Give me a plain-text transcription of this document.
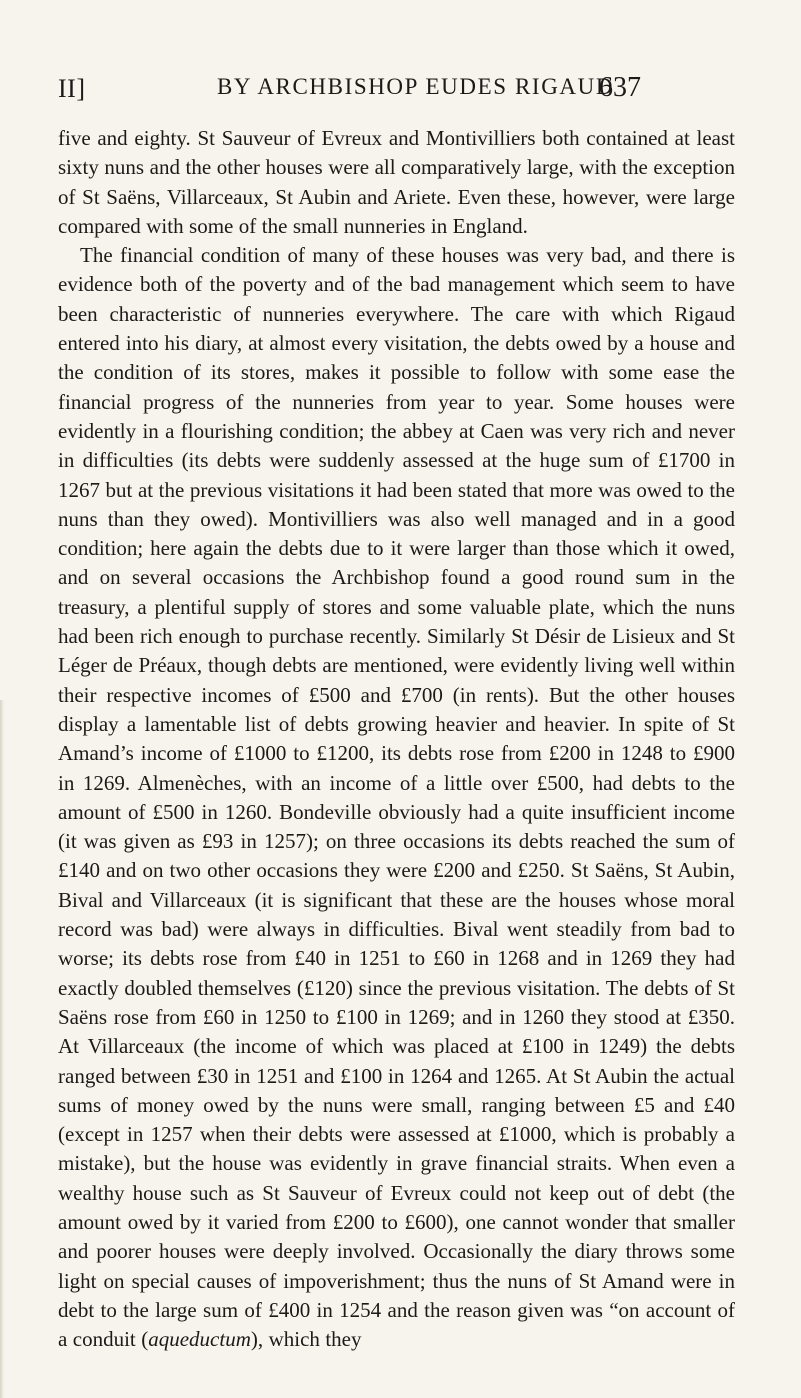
II]	BY ARCHBISHOP EUDES RIGAUD
637

five and eighty. St Sauveur of Evreux and Montivilliers both contained at least sixty nuns and the other houses were all comparatively large, with the exception of St Saëns, Villarceaux, St Aubin and Ariete. Even these, however, were large compared with some of the small nunneries in England.

The financial condition of many of these houses was very bad, and there is evidence both of the poverty and of the bad management which seem to have been characteristic of nunneries everywhere. The care with which Rigaud entered into his diary, at almost every visitation, the debts owed by a house and the condition of its stores, makes it possible to follow with some ease the financial progress of the nunneries from year to year. Some houses were evidently in a flourishing condition; the abbey at Caen was very rich and never in difficulties (its debts were suddenly assessed at the huge sum of £1700 in 1267 but at the previous visitations it had been stated that more was owed to the nuns than they owed). Montivilliers was also well managed and in a good condition; here again the debts due to it were larger than those which it owed, and on several occasions the Archbishop found a good round sum in the treasury, a plentiful supply of stores and some valuable plate, which the nuns had been rich enough to purchase recently. Similarly St Désir de Lisieux and St Léger de Préaux, though debts are mentioned, were evidently living well within their respective incomes of £500 and £700 (in rents). But the other houses display a lamentable list of debts growing heavier and heavier. In spite of St Amand’s income of £1000 to £1200, its debts rose from £200 in 1248 to £900 in 1269. Almenèches, with an income of a little over £500, had debts to the amount of £500 in 1260. Bondeville obviously had a quite insufficient income (it was given as £93 in 1257); on three occasions its debts reached the sum of £140 and on two other occasions they were £200 and £250. St Saëns, St Aubin, Bival and Villarceaux (it is significant that these are the houses whose moral record was bad) were always in difficulties. Bival went steadily from bad to worse; its debts rose from £40 in 1251 to £60 in 1268 and in 1269 they had exactly doubled themselves (£120) since the previous visitation. The debts of St Saëns rose from £60 in 1250 to £100 in 1269; and in 1260 they stood at £350. At Villarceaux (the income of which was placed at £100 in 1249) the debts ranged between £30 in 1251 and £100 in 1264 and 1265. At St Aubin the actual sums of money owed by the nuns were small, ranging between £5 and £40 (except in 1257 when their debts were assessed at £1000, which is probably a mistake), but the house was evidently in grave financial straits. When even a wealthy house such as St Sauveur of Evreux could not keep out of debt (the amount owed by it varied from £200 to £600), one cannot wonder that smaller and poorer houses were deeply involved. Occasionally the diary throws some light on special causes of impoverishment; thus the nuns of St Amand were in debt to the large sum of £400 in 1254 and the reason given was “on account of a conduit (aqueductum), which they
